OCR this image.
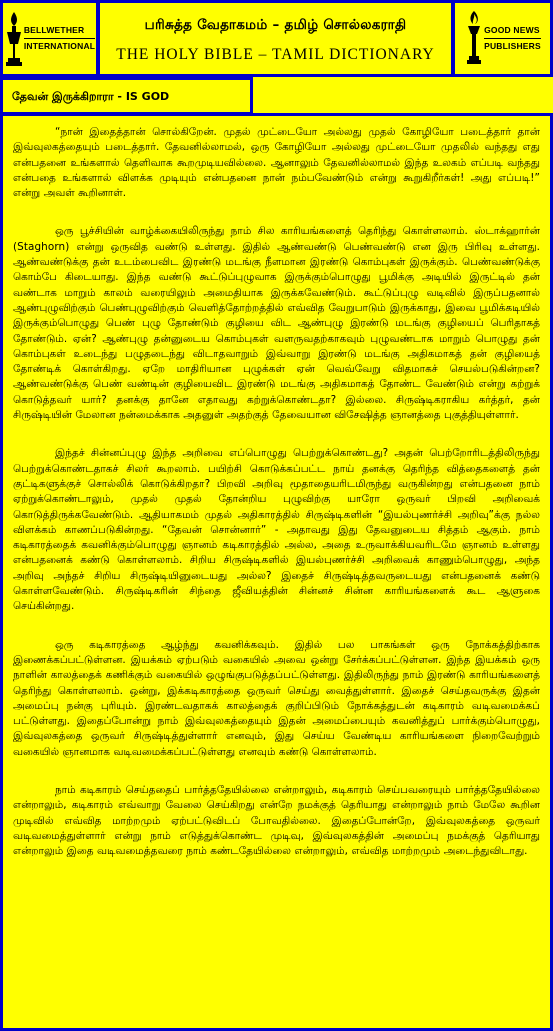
BELLWETHER
INTERNATIONAL
பரிசுத்த வேதாகமம் – தமிழ் சொல்லகராதி
THE HOLY BIBLE – TAMIL DICTIONARY
GOOD NEWS
PUBLISHERS
தேவன் இருக்கிறாரா - IS GOD

“நான் இதைத்தான் சொல்கிறேன். முதல் முட்டையோ அல்லது முதல் கோழியோ படைத்தார் தான் இவ்வுலகத்தையும் படைத்தார். தேவனில்லாமல், ஒரு கோழியோ அல்லது முட்டையோ முதலில் வந்தது எது என்பதனை உங்களால் தெளிவாக கூறமுடியவில்லை. ஆனாலும் தேவனில்லாமல் இந்த உலகம் எப்படி வந்தது என்பதை உங்களால் விளக்க முடியும் என்பதனை நான் நம்பவேண்டும் என்று கூறுகிறீர்கள்! அது எப்படி!” என்று அவள் கூறினாள்.

ஒரு பூச்சியின் வாழ்க்கையிலிருந்து நாம் சில காரியங்களைத் தெரிந்து கொள்ளலாம். ஸ்டாக்ஹார்ன் (Staghorn) என்று ஒருவித வண்டு உள்ளது. இதில் ஆண்வண்டு பெண்வண்டு என இரு பிரிவு உள்ளது. ஆண்வண்டுக்கு தன் உடம்பைவிட இரண்டு மடங்கு நீளமான இரண்டு கொம்புகள் இருக்கும். பெண்வண்டுக்கு கொம்பே கிடையாது. இந்த வண்டு கூட்டுப்புழுவாக இருக்கும்பொழுது பூமிக்கு அடியில் இருட்டில் தன் வண்டாக மாறும் காலம் வரையிலும் அமைதியாக இருக்கவேண்டும். கூட்டுப்புழு வடிவில் இருப்பதனால் ஆண்புழுவிற்கும் பெண்புழுவிற்கும் வெளித்தோற்றத்தில் எவ்வித வேறுபாடும் இருக்காது, இவை பூமிக்கடியில் இருக்கும்பொழுது பெண் புழு தோண்டும் குழியை விட ஆண்புழு இரண்டு மடங்கு குழியைப் பெரிதாகத் தோண்டும். ஏன்? ஆண்புழு தன்னுடைய கொம்புகள் வளருவதற்காகவும் புழுவண்டாக மாறும் பொழுது தன் கொம்புகள் உடைந்து பழுதடைந்து விடாதவாறும் இவ்வாறு இரண்டு மடங்கு அதிகமாகத் தன் குழியைத் தோண்டிக் கொள்கிறது. ஏறே மாதிரியான புழுக்கள் ஏன் வெவ்வேறு விதமாகச் செயல்படுகின்றன? ஆண்வண்டுக்கு பெண் வண்டின் குழியைவிட இரண்டு மடங்கு அதிகமாகத் தோண்ட வேண்டும் என்று கற்றுக் கொடுத்தவர் யார்? தனக்கு தானே எதாவது கற்றுக்கொண்டதா? இல்லை. சிருஷ்டிகராகிய கர்த்தர், தன் சிருஷ்டியின் மேலான நன்மைக்காக அதனுள் அதற்குத் தேவையான விசேஷித்த ஞானத்தை புகுத்தியுள்ளார்.

இந்தச் சின்னப்புழு இந்த அறிவை எப்பொழுது பெற்றுக்கொண்டது? அதன் பெற்றோரிடத்திலிருந்து பெற்றுக்கொண்டதாகச் சிலர் கூறலாம். பயிற்சி கொடுக்கப்பட்ட நாய் தனக்கு தெரிந்த வித்தைகளைத் தன் குட்டிகளுக்குச் சொல்லிக் கொடுக்கிறதா? பிறவி அறிவு மூதாதையரிடமிருந்து வருகின்றது என்பதனை நாம் ஏற்றுக்கொண்டாலும், முதல் முதல் தோன்றிய புழுவிற்கு யாரோ ஒருவர் பிறவி அறிவைக் கொடுத்திருக்கவேண்டும். ஆதியாகமம் முதல் அதிகாரத்தில் சிருஷ்டிகளின் “இயல்புணர்ச்சி அறிவு”க்கு நல்ல விளக்கம் காணப்படுகின்றது. “தேவன் சொன்னார்” - அதாவது இது தேவனுடைய சித்தம் ஆகும். நாம் கடிகாரத்தைக் கவனிக்கும்பொழுது ஞானம் கடிகாரத்தில் அல்ல, அதை உருவாக்கியவரிடமே ஞானம் உள்ளது என்பதனைக் கண்டு கொள்ளலாம். சிறிய சிருஷ்டிகளில் இயல்புணர்ச்சி அறிவைக் காணும்பொழுது, அந்த அறிவு அந்தச் சிறிய சிருஷ்டியினுடையது அல்ல? இதைச் சிருஷ்டித்தவருடையது என்பதனைக் கண்டு கொள்ளவேண்டும். சிருஷ்டிகரின் சிந்தை ஜீவியத்தின் சின்னச் சின்ன காரியங்களைக் கூட ஆளுகை செய்கின்றது.

ஒரு கடிகாரத்தை ஆழ்ந்து கவனிக்கவும். இதில் பல பாகங்கள் ஒரு நோக்கத்திற்காக இணைக்கப்பட்டுள்ளன. இயக்கம் ஏற்படும் வகையில் அவை ஒன்று சேர்க்கப்பட்டுள்ளன. இந்த இயக்கம் ஒரு நாளின் காலத்தைக் கணிக்கும் வகையில் ஒழுங்குபடுத்தப்பட்டுள்ளது. இதிலிருந்து நாம் இரண்டு காரியங்களைத் தெரிந்து கொள்ளலாம். ஒன்று, இக்கடிகாரத்தை ஒருவர் செய்து வைத்துள்ளார். இதைச் செய்தவருக்கு இதன் அமைப்பு நன்கு புரியும். இரண்டவதாகக் காலத்தைக் குறிப்பிடும் நோக்கத்துடன் கடிகாரம் வடிவமைக்கப் பட்டுள்ளது. இதைப்போன்று நாம் இவ்வுலகத்தையும் இதன் அமைப்பையும் கவனித்துப் பார்க்கும்பொழுது, இவ்வுலகத்தை ஒருவர் சிருஷ்டித்துள்ளார் எனவும், இது செய்ய வேண்டிய காரியங்களை நிறைவேற்றும் வகையில் ஞானமாக வடிவமைக்கப்பட்டுள்ளது எனவும் கண்டு கொள்ளலாம்.

நாம் கடிகாரம் செய்ததைப் பார்த்ததேயில்லை என்றாலும், கடிகாரம் செய்பவரையும் பார்த்ததேயில்லை என்றாலும், கடிகாரம் எவ்வாறு வேலை செய்கிறது என்றே நமக்குத் தெரியாது என்றாலும் நாம் மேலே கூறின முடிவில் எவ்வித மாற்றமும் ஏற்பட்டுவிடப் போவதில்லை. இதைப்போன்றே, இவ்வுலகத்தை ஒருவர் வடிவமைத்துள்ளார் என்று நாம் எடுத்துக்கொண்ட முடிவு, இவ்வுலகத்தின் அமைப்பு நமக்குத் தெரியாது என்றாலும் இதை வடிவமைத்தவரை நாம் கண்டதேயில்லை என்றாலும், எவ்வித மாற்றமும் அடைந்துவிடாது.
